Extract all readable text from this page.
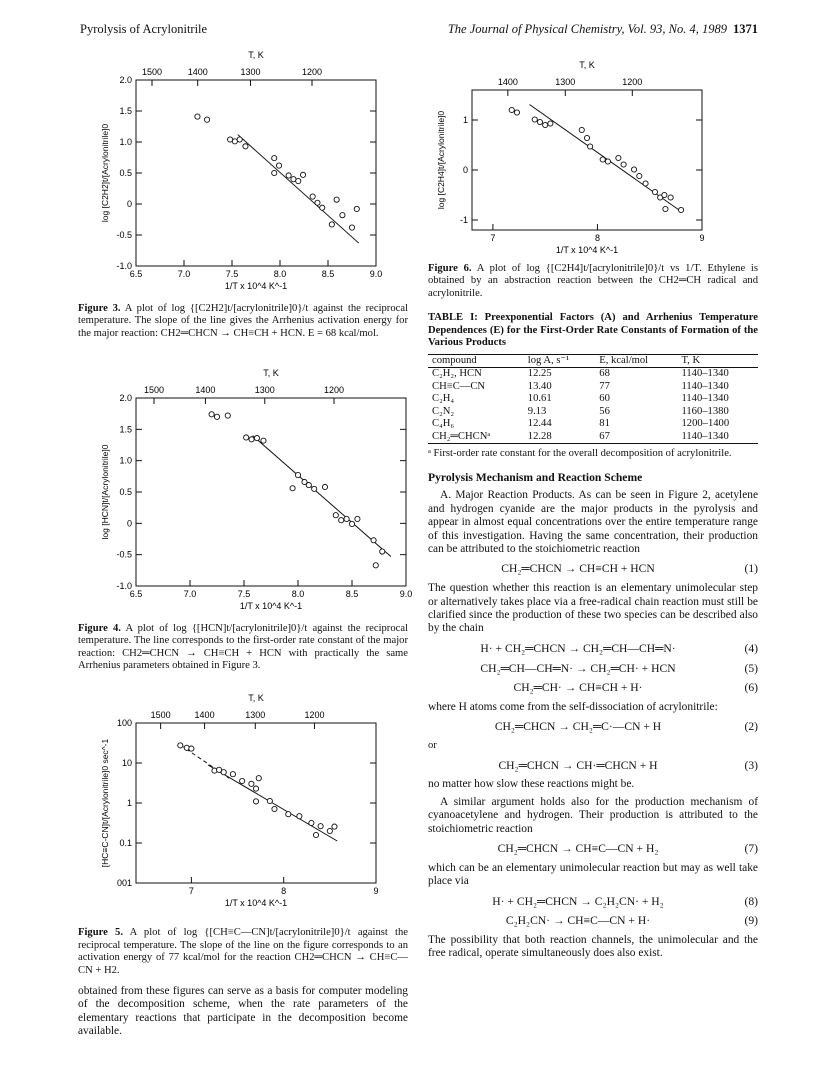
Pyrolysis of Acrylonitrile	The Journal of Physical Chemistry, Vol. 93, No. 4, 1989 1371
T, K
1500	1400	1300	1200
6.5	7.0	7.5	8.0	8.5	9.0
1/T x 10^4 K^-1
2.0
1.5
1.0
0.5
0
-0.5
-1.0
log [C2H2]t/[Acrylonitrile]0
Figure 3. A plot of log {[C2H2]t/[acrylonitrile]0}/t against the reciprocal temperature. The slope of the line gives the Arrhenius activation energy for the major reaction: CH2═CHCN → CH≡CH + HCN. E = 68 kcal/mol.
T, K
1500	1400	1300	1200
6.5	7.0	7.5	8.0	8.5	9.0
1/T x 10^4 K^-1
2.0
1.5
1.0
0.5
0
-0.5
-1.0
log [HCN]t/[Acrylonitrile]0
Figure 4. A plot of log {[HCN]t/[acrylonitrile]0}/t against the reciprocal temperature. The line corresponds to the first-order rate constant of the major reaction: CH2═CHCN → CH≡CH + HCN with practically the same Arrhenius parameters obtained in Figure 3.
T, K
1500	1400	1300	1200
7	8	9
1/T x 10^4 K^-1
100
10
1
0.1
001
[HC≡C-CN]t/[Acrylonitrile]0 sec^-1
Figure 5. A plot of log {[CH≡C—CN]t/[acrylonitrile]0}/t against the reciprocal temperature. The slope of the line on the figure corresponds to an activation energy of 77 kcal/mol for the reaction CH2═CHCN → CH≡C—CN + H2.

obtained from these figures can serve as a basis for computer modeling of the decomposition scheme, when the rate parameters of the elementary reactions that participate in the decomposition become available.

T, K
1400	1300	1200
7	8	9
1/T x 10^4 K^-1
1
0
-1
log [C2H4]t/[Acrylonitrile]0
Figure 6. A plot of log {[C2H4]t/[acrylonitrile]0}/t vs 1/T. Ethylene is obtained by an abstraction reaction between the CH2═CH radical and acrylonitrile.
TABLE I: Preexponential Factors (A) and Arrhenius Temperature Dependences (E) for the First-Order Rate Constants of Formation of the Various Products
compound	log A, s⁻¹	E, kcal/mol	T, K
C₂H₂, HCN	12.25	68	1140–1340
CH≡C—CN	13.40	77	1140–1340
C₂H₄	10.61	60	1140–1340
C₂N₂	9.13	56	1160–1380
C₄H₆	12.44	81	1200–1400
CH₂═CHCNᵃ	12.28	67	1140–1340
ᵃ First-order rate constant for the overall decomposition of acrylonitrile.
Pyrolysis Mechanism and Reaction Scheme

A. Major Reaction Products. As can be seen in Figure 2, acetylene and hydrogen cyanide are the major products in the pyrolysis and appear in almost equal concentrations over the entire temperature range of this investigation. Having the same concentration, their production can be attributed to the stoichiometric reaction

CH₂═CHCN → CH≡CH + HCN	(1)

The question whether this reaction is an elementary unimolecular step or alternatively takes place via a free-radical chain reaction must still be clarified since the production of these two species can be described also by the chain

H· + CH₂═CHCN → CH₂═CH—CH═N·	(4)
CH₂═CH—CH═N· → CH₂═CH· + HCN	(5)
CH₂═CH· → CH≡CH + H·	(6)

where H atoms come from the self-dissociation of acrylonitrile:

CH₂═CHCN → CH₂═C·—CN + H	(2)

or

CH₂═CHCN → CH·═CHCN + H	(3)

no matter how slow these reactions might be.

A similar argument holds also for the production mechanism of cyanoacetylene and hydrogen. Their production is attributed to the stoichiometric reaction

CH₂═CHCN → CH≡C—CN + H₂	(7)

which can be an elementary unimolecular reaction but may as well take place via

H· + CH₂═CHCN → C₂H₂CN· + H₂	(8)
C₂H₂CN· → CH≡C—CN + H·	(9)

The possibility that both reaction channels, the unimolecular and the free radical, operate simultaneously does also exist.
